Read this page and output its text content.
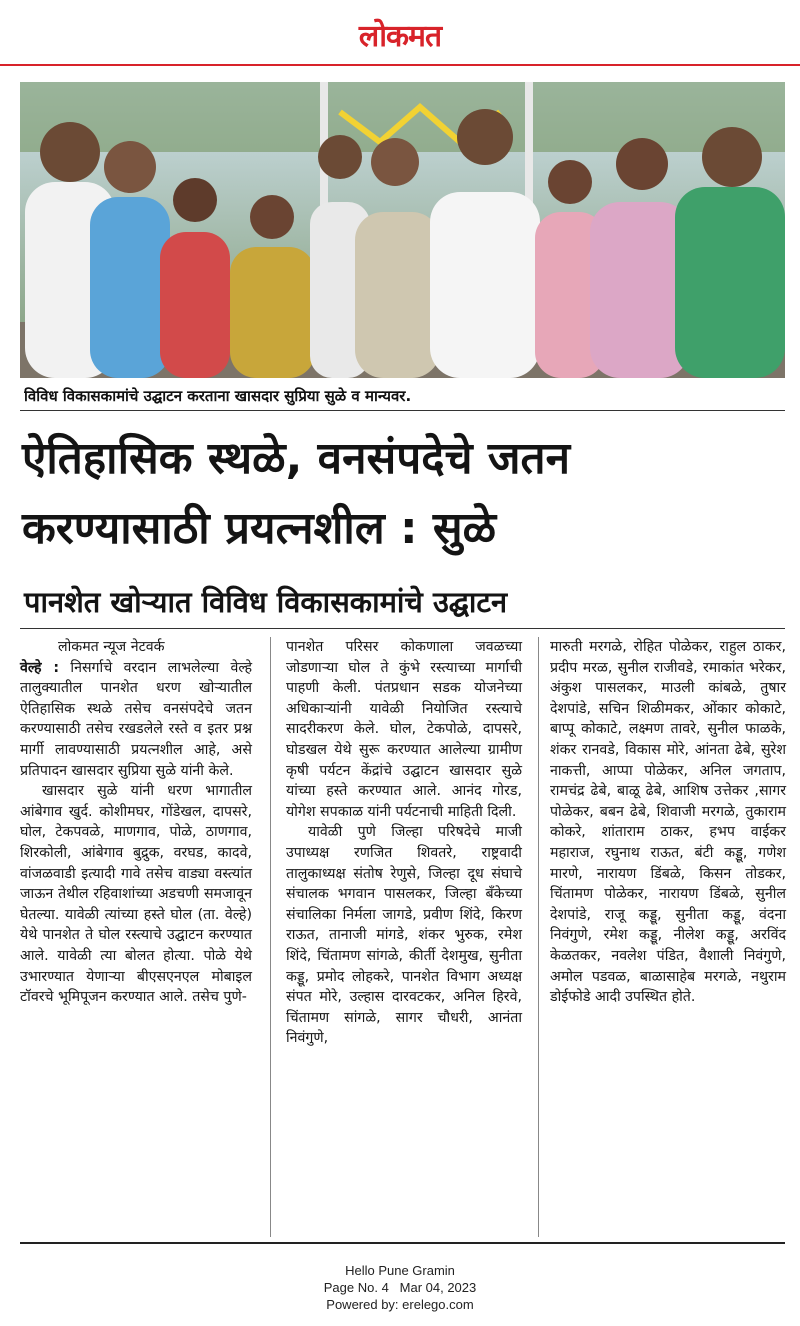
लोकमत
विविध विकासकामांचे उद्घाटन करताना खासदार सुप्रिया सुळे व मान्यवर.
ऐतिहासिक स्थळे, वनसंपदेचे जतन
करण्यासाठी प्रयत्नशील : सुळे
पानशेत खोऱ्यात विविध विकासकामांचे उद्घाटन
लोकमत न्यूज नेटवर्क

वेल्हे : निसर्गाचे वरदान लाभलेल्या वेल्हे तालुक्यातील पानशेत धरण खोऱ्यातील ऐतिहासिक स्थळे तसेच वनसंपदेचे जतन करण्यासाठी तसेच रखडलेले रस्ते व इतर प्रश्न मार्गी लावण्यासाठी प्रयत्नशील आहे, असे प्रतिपादन खासदार सुप्रिया सुळे यांनी केले.

खासदार सुळे यांनी धरण भागातील आंबेगाव खुर्द. कोशीमघर, गोंडेखल, दापसरे, घोल, टेकपवळे, माणगाव, पोळे, ठाणगाव, शिरकोली, आंबेगाव बुद्रुक, वरघड, कादवे, वांजळवाडी इत्यादी गावे तसेच वाड्या वस्त्यांत जाऊन तेथील रहिवाशांच्या अडचणी समजावून घेतल्या. यावेळी त्यांच्या हस्ते घोल (ता. वेल्हे) येथे पानशेत ते घोल रस्त्याचे उद्घाटन करण्यात आले. यावेळी त्या बोलत होत्या. पोळे येथे उभारण्यात येणाऱ्या बीएसएनएल मोबाइल टॉवरचे भूमिपूजन करण्यात आले. तसेच पुणे-

पानशेत परिसर कोकणाला जवळच्या जोडणाऱ्या घोल ते कुंभे रस्त्याच्या मार्गाची पाहणी केली. पंतप्रधान सडक योजनेच्या अधिकाऱ्यांनी यावेळी नियोजित रस्त्याचे सादरीकरण केले. घोल, टेकपोळे, दापसरे, घोडखल येथे सुरू करण्यात आलेल्या ग्रामीण कृषी पर्यटन केंद्रांचे उद्घाटन खासदार सुळे यांच्या हस्ते करण्यात आले. आनंद गोरड, योगेश सपकाळ यांनी पर्यटनाची माहिती दिली.

यावेळी पुणे जिल्हा परिषदेचे माजी उपाध्यक्ष रणजित शिवतरे, राष्ट्रवादी तालुकाध्यक्ष संतोष रेणुसे, जिल्हा दूध संघाचे संचालक भगवान पासलकर, जिल्हा बँकेच्या संचालिका निर्मला जागडे, प्रवीण शिंदे, किरण राऊत, तानाजी मांगडे, शंकर भुरुक, रमेश शिंदे, चिंतामण सांगळे, कीर्ती देशमुख, सुनीता कड्डू, प्रमोद लोहकरे, पानशेत विभाग अध्यक्ष संपत मोरे, उल्हास दारवटकर, अनिल हिरवे, चिंतामण सांगळे, सागर चौधरी, आनंता निवंगुणे,

मारुती मरगळे, रोहित पोळेकर, राहुल ठाकर, प्रदीप मरळ, सुनील राजीवडे, रमाकांत भरेकर, अंकुश पासलकर, माउली कांबळे, तुषार देशपांडे, सचिन शिळीमकर, ओंकार कोकाटे, बाप्पू कोकाटे, लक्ष्मण तावरे, सुनील फाळके, शंकर रानवडे, विकास मोरे, आंनता ढेबे, सुरेश नाकत्ती, आप्पा पोळेकर, अनिल जगताप, रामचंद्र ढेबे, बाळू ढेबे, आशिष उत्तेकर ,सागर पोळेकर, बबन ढेबे, शिवाजी मरगळे, तुकाराम कोकरे, शांताराम ठाकर, हभप वाईकर महाराज, रघुनाथ राऊत, बंटी कड्डू, गणेश मारणे, नारायण डिंबळे, किसन तोडकर, चिंतामण पोळेकर, नारायण डिंबळे, सुनील देशपांडे, राजू कड्डू, सुनीता कड्डू, वंदना निवंगुणे, रमेश कड्डू, नीलेश कड्डू, अरविंद केळतकर, नवलेश पंडित, वैशाली निवंगुणे, अमोल पडवळ, बाळासाहेब मरगळे, नथुराम डोईफोडे आदी उपस्थित होते.

Hello Pune Gramin
Page No. 4 Mar 04, 2023
Powered by: erelego.com
